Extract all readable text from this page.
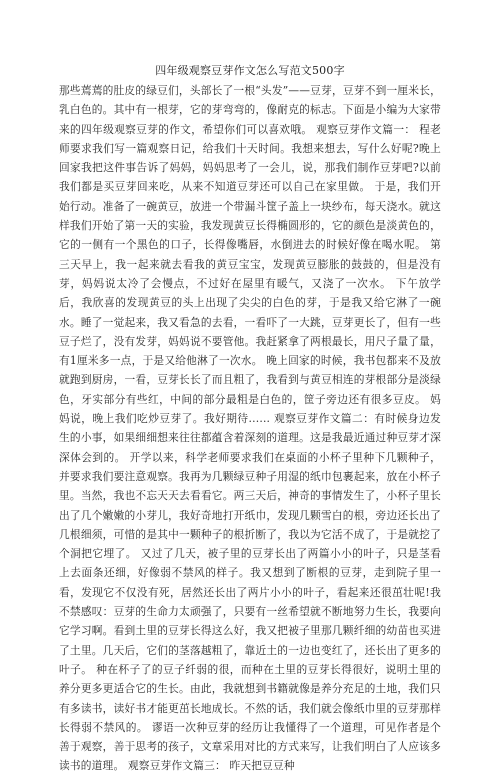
四年级观察豆芽作文怎么写范文500字
那些蔫蔫的肚皮的绿豆们，头部长了一根“头发”——豆芽，豆芽不到一厘米长，乳白色的。其中有一根芽，它的芽弯弯的，像耐克的标志。下面是小编为大家带来的四年级观察豆芽的作文，希望你们可以喜欢哦。 观察豆芽作文篇一： 程老师要求我们写一篇观察日记，给我们十天时间。我想来想去，写什么好呢?晚上回家我把这件事告诉了妈妈，妈妈思考了一会儿，说，那我们制作豆芽吧?以前我们都是买豆芽回来吃，从来不知道豆芽还可以自己在家里做。 于是，我们开始行动。准备了一碗黄豆，放进一个带漏斗筐子盖上一块纱布，每天浇水。就这样我们开始了第一天的实验，我发现黄豆长得椭圆形的，它的颜色是淡黄色的，它的一侧有一个黑色的口子，长得像嘴唇，水倒进去的时候好像在喝水呢。 第三天早上，我一起来就去看我的黄豆宝宝，发现黄豆膨胀的鼓鼓的，但是没有芽，妈妈说太冷了会慢点，不过好在屋里有暖气，又浇了一次水。 下午放学后，我欣喜的发现黄豆的头上出现了尖尖的白色的芽，于是我又给它淋了一碗水。睡了一觉起来，我又看急的去看，一看吓了一大跳，豆芽更长了，但有一些豆子烂了，没有发芽，妈妈说不要管他。我赶紧拿了两根最长，用尺子量了量，有1厘米多一点，于是又给他淋了一次水。 晚上回家的时候，我书包都来不及放就跑到厨房，一看，豆芽长长了而且粗了，我看到与黄豆相连的芽根部分是淡绿色，牙实部分有些红，中间的部分最粗是白色的，筐子旁边还有很多豆皮。 妈妈说，晚上我们吃炒豆芽了。我好期待...... 观察豆芽作文篇二：有时候身边发生的小事，如果细细想来往往都蕴含着深刻的道理。这是我最近通过种豆芽才深深体会到的。 开学以来，科学老师要求我们在桌面的小杯子里种下几颗种子，并要求我们要注意观察。我再为几颗绿豆种子用湿的纸巾包裹起来，放在小杯子里。当然，我也不忘天天去看看它。两三天后，神奇的事情发生了，小杯子里长出了几个嫩嫩的小芽儿，我好奇地打开纸巾，发现几颗雪白的根，旁边还长出了几根细须，可惜的是其中一颗种子的根折断了，我以为它活不成了，于是就挖了个洞把它埋了。 又过了几天，被子里的豆芽长出了两篇小小的叶子，只是茎看上去面条还细，好像弱不禁风的样子。我又想到了断根的豆芽，走到院子里一看，发现它不仅没有死，居然还长出了两片小小的叶子，看起来还很茁壮呢!我不禁感叹：豆芽的生命力太顽强了，只要有一丝希望就不断地努力生长，我要向它学习啊。看到土里的豆芽长得这么好，我又把被子里那几颗纤细的幼苗也买进了土里。几天后，它们的茎落越粗了，靠近土的一边也变红了，还长出了更多的叶子。 种在杯子了的豆子纤弱的很，而种在土里的豆芽长得很好，说明土里的养分更多更适合它的生长。由此，我就想到书籍就像是养分充足的土地，我们只有多读书，读好书才能更茁长地成长。不然的话，我们就会像纸巾里的豆芽那样长得弱不禁风的。 谬语一次种豆芽的经历让我懂得了一个道理，可见作者是个善于观察，善于思考的孩子，文章采用对比的方式来写，让我们明白了人应该多读书的道理。 观察豆芽作文篇三： 昨天把豆豆种
